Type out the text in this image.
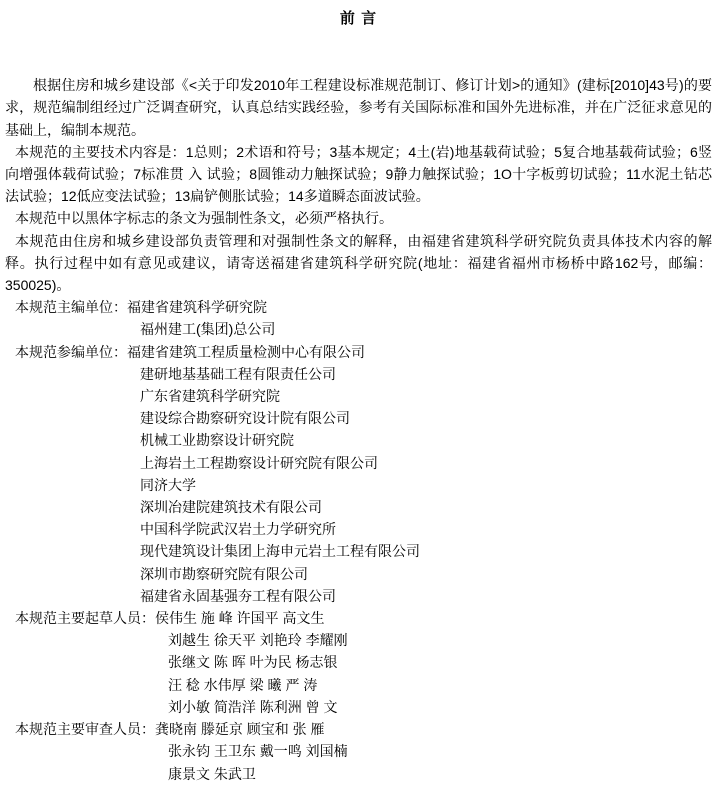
前 言

根据住房和城乡建设部《<关于印发2010年工程建设标准规范制订、修订计划>的通知》(建标[2010]43号)的要求，规范编制组经过广泛调查研究，认真总结实践经验，参考有关国际标准和国外先进标准，并在广泛征求意见的基础上，编制本规范。

本规范的主要技术内容是：1总则；2术语和符号；3基本规定；4土(岩)地基载荷试验；5复合地基载荷试验；6竖向增强体载荷试验；7标准贯 入 试验；8圆锥动力触探试验；9静力触探试验；1O十字板剪切试验；11水泥土钻芯法试验；12低应变法试验；13扁铲侧胀试验；14多道瞬态面波试验。

本规范中以黑体字标志的条文为强制性条文，必须严格执行。

本规范由住房和城乡建设部负责管理和对强制性条文的解释，由福建省建筑科学研究院负责具体技术内容的解释。执行过程中如有意见或建议，请寄送福建省建筑科学研究院(地址：福建省福州市杨桥中路162号，邮编：350025)。

本规范主编单位：福建省建筑科学研究院
福州建工(集团)总公司
本规范参编单位：福建省建筑工程质量检测中心有限公司
建研地基基础工程有限责任公司
广东省建筑科学研究院
建设综合勘察研究设计院有限公司
机械工业勘察设计研究院
上海岩土工程勘察设计研究院有限公司
同济大学
深圳冶建院建筑技术有限公司
中国科学院武汉岩土力学研究所
现代建筑设计集团上海申元岩土工程有限公司
深圳市勘察研究院有限公司
福建省永固基强夯工程有限公司
本规范主要起草人员：侯伟生 施 峰 许国平 高文生
刘越生 徐天平 刘艳玲 李耀刚
张继文 陈 晖 叶为民 杨志银
汪 稔 水伟厚 梁 曦 严 涛
刘小敏 简浩洋 陈利洲 曾 文
本规范主要审查人员：龚晓南 滕延京 顾宝和 张 雁
张永钧 王卫东 戴一鸣 刘国楠
康景文 朱武卫
